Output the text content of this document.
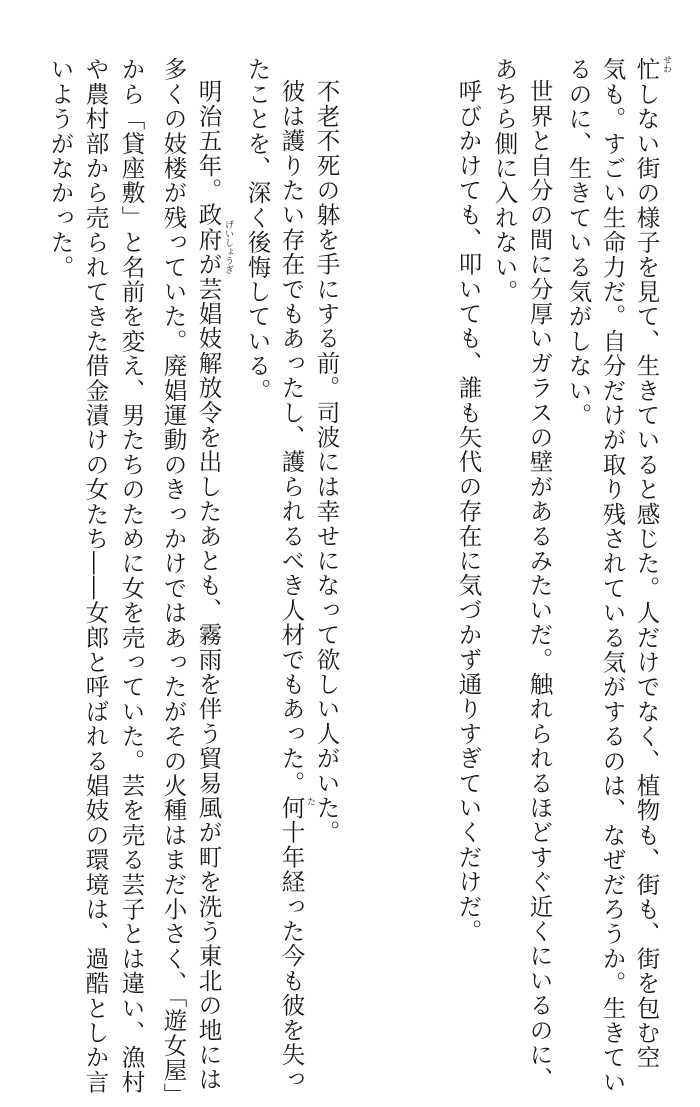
忙しない街の様子を見て、生きていると感じた。人だけでなく、植物も、街も、街を包む空
気も。すごい生命力だ。自分だけが取り残されている気がするのは、なぜだろうか。生きてい
るのに、生きている気がしない。
世界と自分の間に分厚いガラスの壁があるみたいだ。触れられるほどすぐ近くにいるのに、
あちら側に入れない。
呼びかけても、叩いても、誰も矢代の存在に気づかず通りすぎていくだけだ。
不老不死の躰を手にする前。司波には幸せになって欲しい人がいた。
彼は護りたい存在でもあったし、護られるべき人材でもあった。何十年経った今も彼を失っ
たことを、深く後悔している。
明治五年。政府が芸娼妓解放令を出したあとも、霧雨を伴う貿易風が町を洗う東北の地には
多くの妓楼が残っていた。廃娼運動のきっかけではあったがその火種はまだ小さく、「遊女屋」
から「貸座敷」と名前を変え、男たちのために女を売っていた。芸を売る芸子とは違い、漁村
や農村部から売られてきた借金漬けの女たち――女郎と呼ばれる娼妓の環境は、過酷としか言
いようがなかった。	せわ
げいしょうぎ
た
